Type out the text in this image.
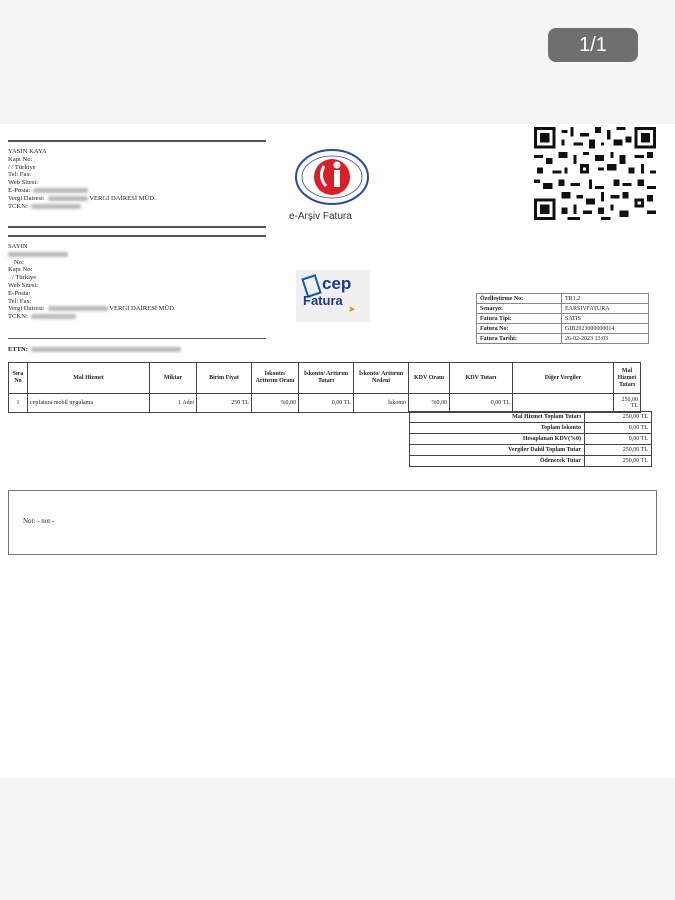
1/1
YASİN KAYA
Kapı No:
/ / Türkiye
Tel: Fax:
Web Sitesi:
E-Posta:
Vergi Dairesi:	VERGİ DAİRESİ MÜD.
TCKN:
SAYIN
No:
Kapı No:
/ Türkiye
Web Sitesi:
E-Posta:
Tel: Fax:
Vergi Dairesi:	VERGİ DAİRESİ MÜD.
TCKN:
e-Arşiv Fatura
cep
Fatura
➤
Özelleştirme No:	TR1.2
Senaryo:	EARSIVFATURA
Fatura Tipi:	SATIS
Fatura No:	GIB2023000000014
Fatura Tarihi:	26-02-2023 13:03
ETTN:
Sıra No	Mal Hizmet	Miktar	Birim Fiyat	İskonto/ Arttırım Oranı	İskonto/ Arttırım Tutarı	İskonto/ Arttırım Nedeni	KDV Oranı	KDV Tutarı	Diğer Vergiler	Mal Hizmet Tutarı
1	cepfatura mobil uygulama	1 Adet	250 TL	%0,00	0,00 TL	İskonto	%0,00	0,00 TL		250,00 TL
Mal Hizmet Toplam Tutarı	250,00 TL
Toplam İskonto	0,00 TL
Hesaplanan KDV(%0)	0,00 TL
Vergiler Dahil Toplam Tutar	250,00 TL
Ödenecek Tutar	250,00 TL
Not: - not -
